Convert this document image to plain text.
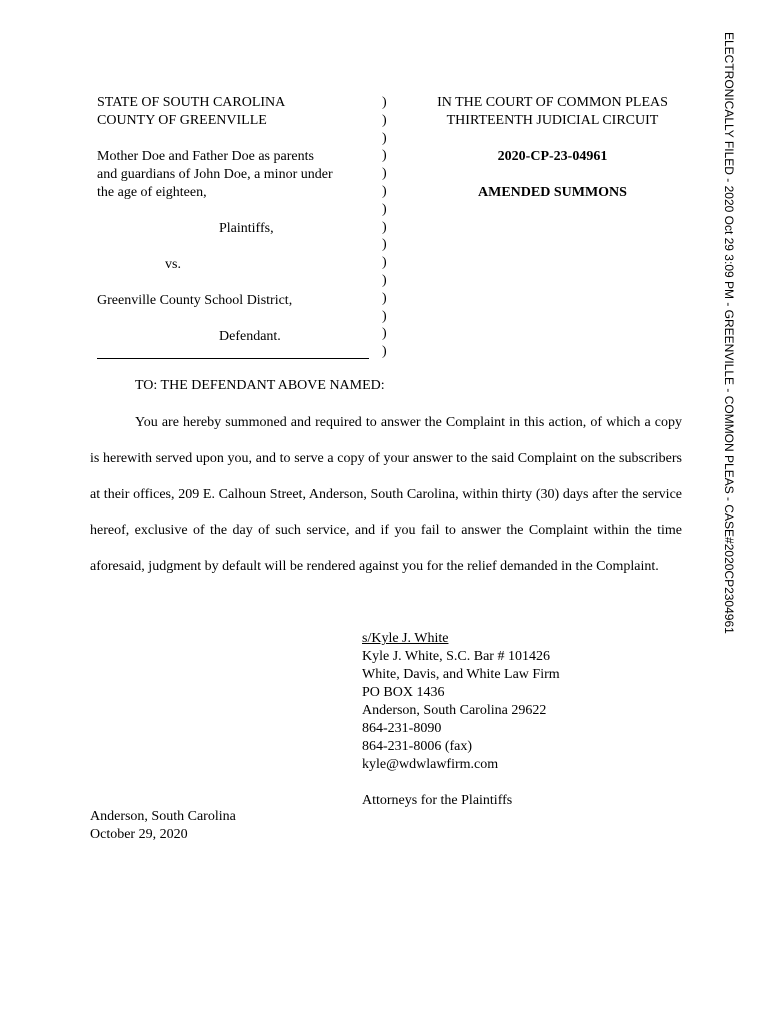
STATE OF SOUTH CAROLINA
COUNTY OF GREENVILLE
Mother Doe and Father Doe as parents
and guardians of John Doe, a minor under
the age of eighteen,
Plaintiffs,
vs.
Greenville County School District,
Defendant.
)
)
)
)
)
)
)
)
)
)
)
)
)
)
)
IN THE COURT OF COMMON PLEAS
THIRTEENTH JUDICIAL CIRCUIT
2020-CP-23-04961
AMENDED SUMMONS
TO: THE DEFENDANT ABOVE NAMED:
You are hereby summoned and required to answer the Complaint in this action, of which a copy is herewith served upon you, and to serve a copy of your answer to the said Complaint on the subscribers at their offices, 209 E. Calhoun Street, Anderson, South Carolina, within thirty (30) days after the service hereof, exclusive of the day of such service, and if you fail to answer the Complaint within the time aforesaid, judgment by default will be rendered against you for the relief demanded in the Complaint.
s/Kyle J. White
Kyle J. White, S.C. Bar # 101426
White, Davis, and White Law Firm
PO BOX 1436
Anderson, South Carolina 29622
864-231-8090
864-231-8006 (fax)
kyle@wdwlawfirm.com
Attorneys for the Plaintiffs
Anderson, South Carolina
October 29, 2020
ELECTRONICALLY FILED - 2020 Oct 29 3:09 PM - GREENVILLE - COMMON PLEAS - CASE#2020CP2304961
